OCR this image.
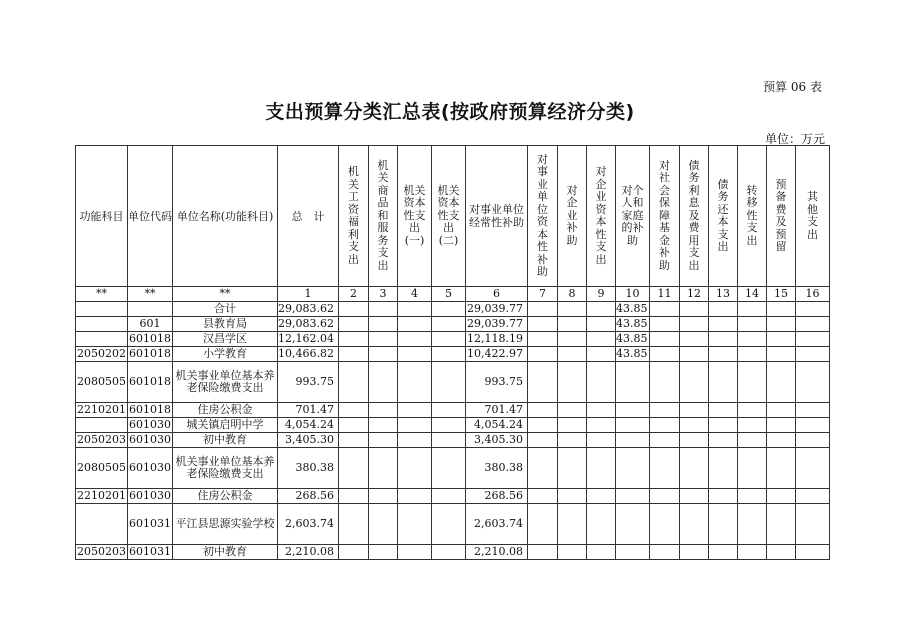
预算 06 表
支出预算分类汇总表(按政府预算经济分类)
单位：万元
功能科目	单位代码	单位名称(功能科目)	总　计	机关工资福利支出	机关商品和服务支出	机关资本性支出(一)	机关资本性支出(二)	对事业单位经常性补助	对事业单位资本性补助	对企业补助	对企业资本性支出	对个人和家庭的补助	对社会保障基金补助	债务利息及费用支出	债务还本支出	转移性支出	预备费及预留	其他支出
**	**	**	1	2	3	4	5	6	7	8	9	10	11	12	13	14	15	16
		合计	29,083.62					29,039.77				43.85						
	601	县教育局	29,083.62					29,039.77				43.85						
	601018	汉昌学区	12,162.04					12,118.19				43.85						
2050202	601018	小学教育	10,466.82					10,422.97				43.85						
2080505	601018	机关事业单位基本养老保险缴费支出	993.75					993.75										
2210201	601018	住房公积金	701.47					701.47										
	601030	城关镇启明中学	4,054.24					4,054.24										
2050203	601030	初中教育	3,405.30					3,405.30										
2080505	601030	机关事业单位基本养老保险缴费支出	380.38					380.38										
2210201	601030	住房公积金	268.56					268.56										
	601031	平江县思源实验学校	2,603.74					2,603.74										
2050203	601031	初中教育	2,210.08					2,210.08										
